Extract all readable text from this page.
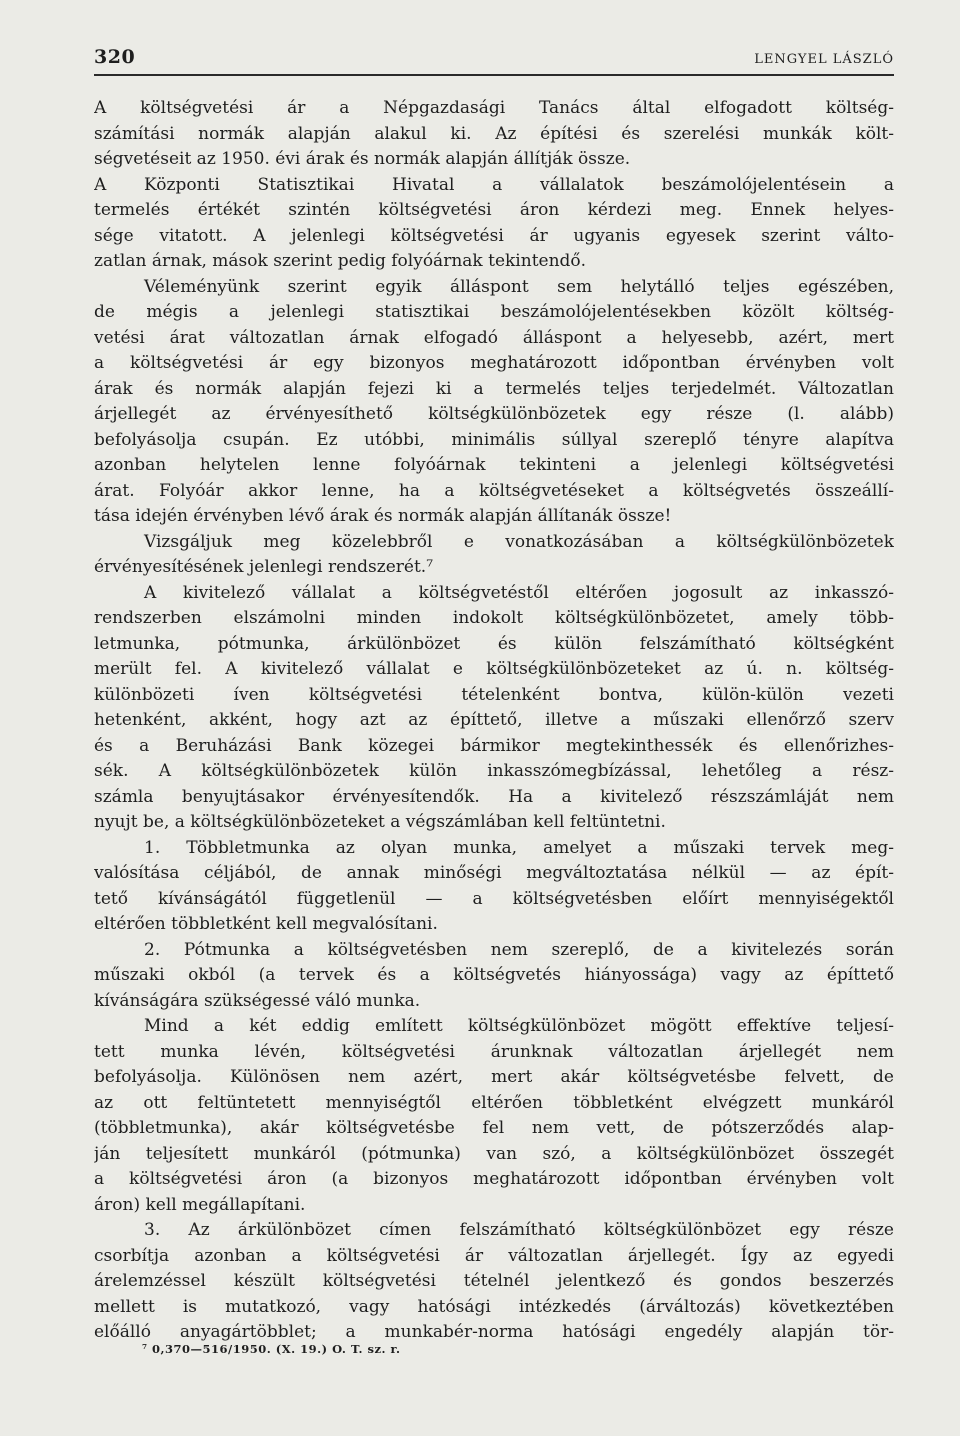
320	LENGYEL LÁSZLÓ
A költségvetési ár a Népgazdasági Tanács által elfogadott költség-
számítási normák alapján alakul ki. Az építési és szerelési munkák költ-
ségvetéseit az 1950. évi árak és normák alapján állítják össze.
A Központi Statisztikai Hivatal a vállalatok beszámolójelentésein a
termelés értékét szintén költségvetési áron kérdezi meg. Ennek helyes-
sége vitatott. A jelenlegi költségvetési ár ugyanis egyesek szerint válto-
zatlan árnak, mások szerint pedig folyóárnak tekintendő.
Véleményünk szerint egyik álláspont sem helytálló teljes egészében,
de mégis a jelenlegi statisztikai beszámolójelentésekben közölt költség-
vetési árat változatlan árnak elfogadó álláspont a helyesebb, azért, mert
a költségvetési ár egy bizonyos meghatározott időpontban érvényben volt
árak és normák alapján fejezi ki a termelés teljes terjedelmét. Változatlan
árjellegét az érvényesíthető költségkülönbözetek egy része (l. alább)
befolyásolja csupán. Ez utóbbi, minimális súllyal szereplő tényre alapítva
azonban helytelen lenne folyóárnak tekinteni a jelenlegi költségvetési
árat. Folyóár akkor lenne, ha a költségvetéseket a költségvetés összeállí-
tása idején érvényben lévő árak és normák alapján állítanák össze!
Vizsgáljuk meg közelebbről e vonatkozásában a költségkülönbözetek
érvényesítésének jelenlegi rendszerét.⁷
A kivitelező vállalat a költségvetéstől eltérően jogosult az inkasszó-
rendszerben elszámolni minden indokolt költségkülönbözetet, amely több-
letmunka, pótmunka, árkülönbözet és külön felszámítható költségként
merült fel. A kivitelező vállalat e költségkülönbözeteket az ú. n. költség-
különbözeti íven költségvetési tételenként bontva, külön-külön vezeti
hetenként, akként, hogy azt az építtető, illetve a műszaki ellenőrző szerv
és a Beruházási Bank közegei bármikor megtekinthessék és ellenőrizhes-
sék. A költségkülönbözetek külön inkasszómegbízással, lehetőleg a rész-
számla benyujtásakor érvényesítendők. Ha a kivitelező részszámláját nem
nyujt be, a költségkülönbözeteket a végszámlában kell feltüntetni.
1. Többletmunka az olyan munka, amelyet a műszaki tervek meg-
valósítása céljából, de annak minőségi megváltoztatása nélkül — az épít-
tető kívánságától függetlenül — a költségvetésben előírt mennyiségektől
eltérően többletként kell megvalósítani.
2. Pótmunka a költségvetésben nem szereplő, de a kivitelezés során
műszaki okból (a tervek és a költségvetés hiányossága) vagy az építtető
kívánságára szükségessé váló munka.
Mind a két eddig említett költségkülönbözet mögött effektíve teljesí-
tett munka lévén, költségvetési árunknak változatlan árjellegét nem
befolyásolja. Különösen nem azért, mert akár költségvetésbe felvett, de
az ott feltüntetett mennyiségtől eltérően többletként elvégzett munkáról
(többletmunka), akár költségvetésbe fel nem vett, de pótszerződés alap-
ján teljesített munkáról (pótmunka) van szó, a költségkülönbözet összegét
a költségvetési áron (a bizonyos meghatározott időpontban érvényben volt
áron) kell megállapítani.
3. Az árkülönbözet címen felszámítható költségkülönbözet egy része
csorbítja azonban a költségvetési ár változatlan árjellegét. Így az egyedi
árelemzéssel készült költségvetési tételnél jelentkező és gondos beszerzés
mellett is mutatkozó, vagy hatósági intézkedés (árváltozás) következtében
előálló anyagártöbblet; a munkabér-norma hatósági engedély alapján tör-
⁷ 0,370—516/1950. (X. 19.) O. T. sz. r.
